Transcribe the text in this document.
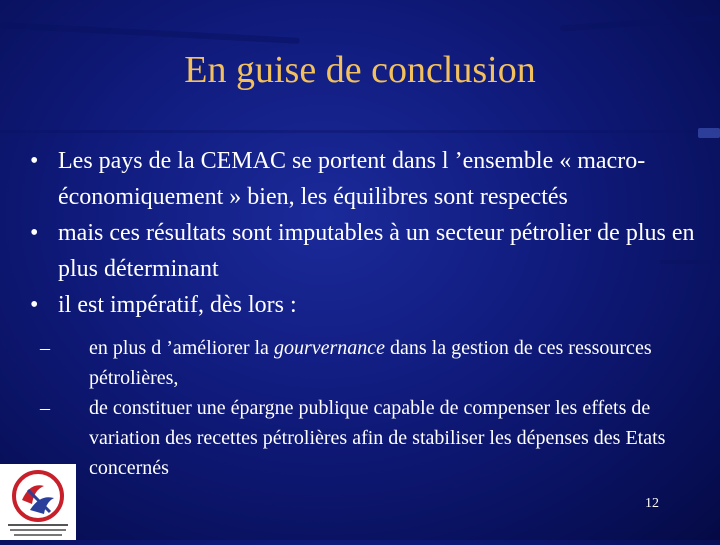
En guise de conclusion

• Les pays de la CEMAC se portent dans l ’ensemble « macro-économiquement » bien, les équilibres sont respectés

• mais ces résultats sont imputables à un secteur pétrolier de plus en plus déterminant

• il est impératif, dès lors :

– en plus d ’améliorer la gourvernance dans la gestion de ces ressources pétrolières,

– de constituer une épargne publique capable de compenser les effets de variation des recettes pétrolières afin de stabiliser les dépenses des Etats concernés

12
